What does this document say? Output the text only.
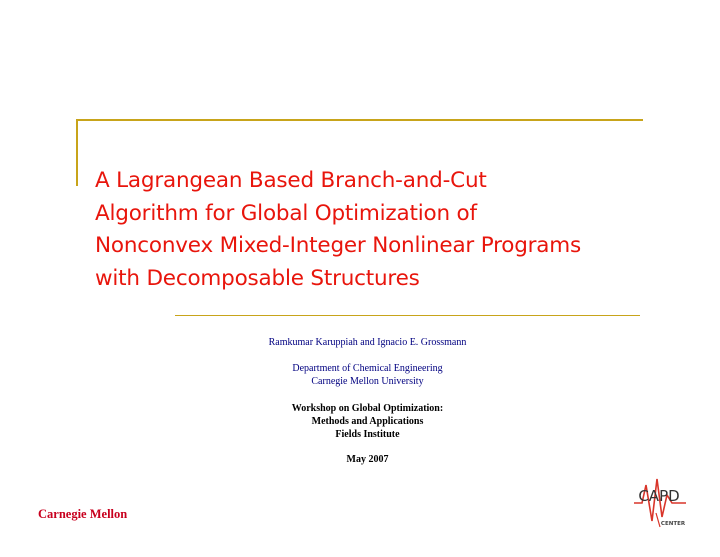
A Lagrangean Based Branch-and-Cut
Algorithm for Global Optimization of
Nonconvex Mixed-Integer Nonlinear Programs
with Decomposable Structures
Ramkumar Karuppiah and Ignacio E. Grossmann
Department of Chemical Engineering
Carnegie Mellon University
Workshop on Global Optimization:
Methods and Applications
Fields Institute
May 2007
Carnegie Mellon
CAPD
CENTER
